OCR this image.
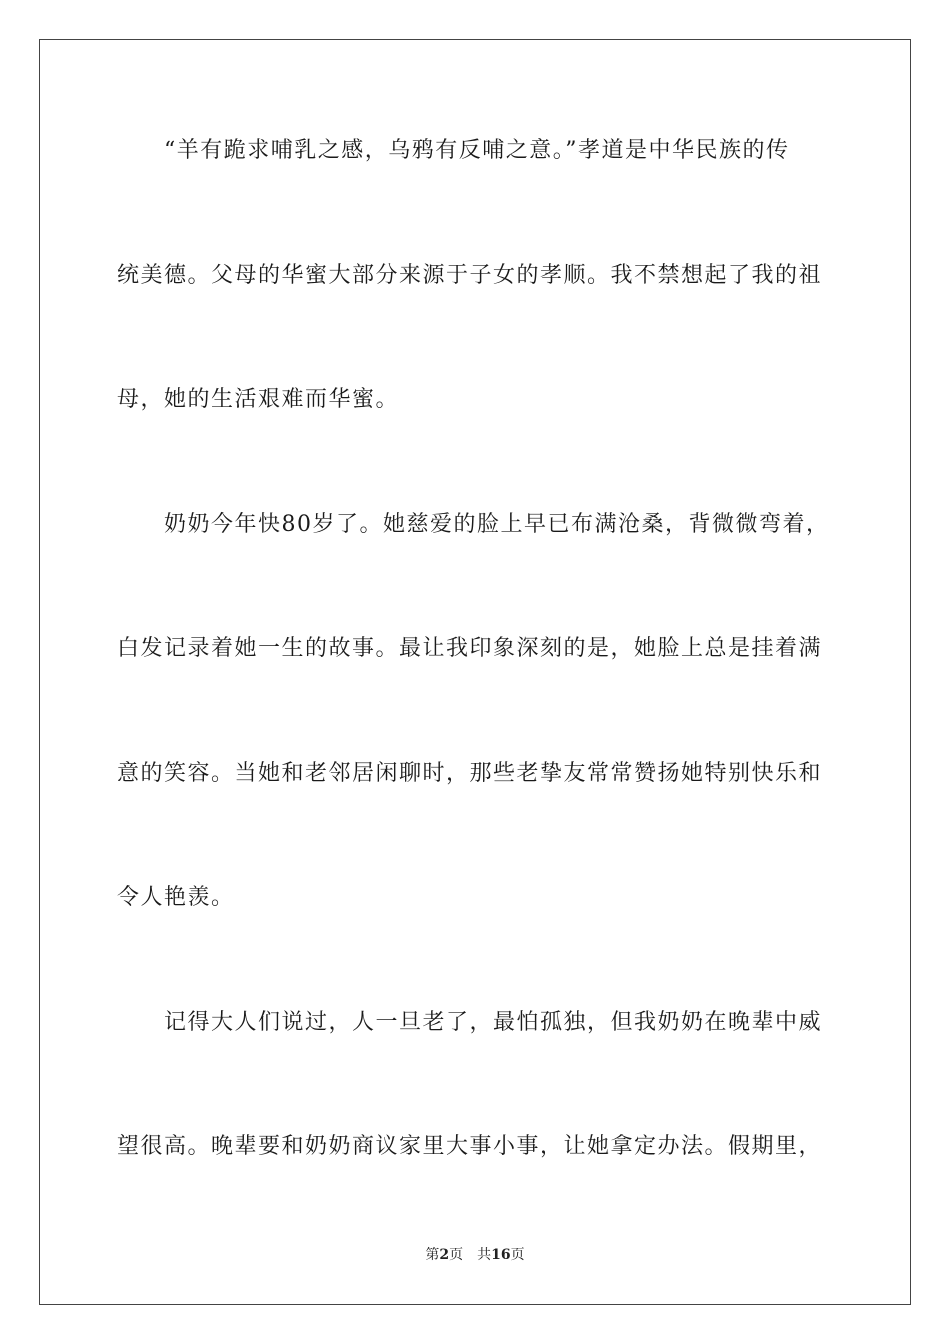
“羊有跪求哺乳之感，乌鸦有反哺之意。”孝道是中华民族的传
统美德。父母的华蜜大部分来源于子女的孝顺。我不禁想起了我的祖
母，她的生活艰难而华蜜。
奶奶今年快80岁了。她慈爱的脸上早已布满沧桑，背微微弯着，
白发记录着她一生的故事。最让我印象深刻的是，她脸上总是挂着满
意的笑容。当她和老邻居闲聊时，那些老挚友常常赞扬她特别快乐和
令人艳羡。
记得大人们说过，人一旦老了，最怕孤独，但我奶奶在晚辈中威
望很高。晚辈要和奶奶商议家里大事小事，让她拿定办法。假期里，
第2页 共16页
